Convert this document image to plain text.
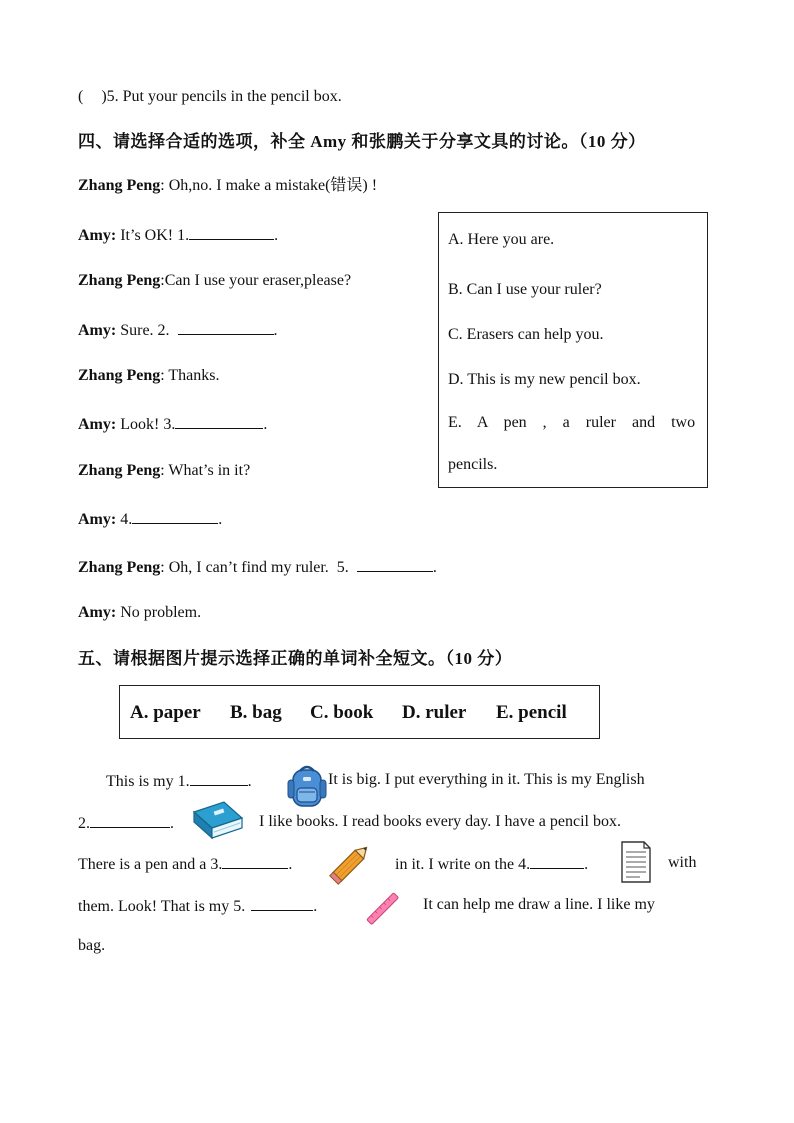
( )5. Put your pencils in the pencil box.
四、请选择合适的选项，补全 Amy 和张鹏关于分享文具的讨论。（10 分）
Zhang Peng: Oh,no. I make a mistake(错误) !
Amy: It’s OK! 1.	.
Zhang Peng:Can I use your eraser,please?
Amy: Sure. 2.	.
Zhang Peng: Thanks.
Amy: Look! 3.	.
Zhang Peng: What’s in it?
Amy: 4.	.
Zhang Peng: Oh, I can’t find my ruler.  5.	.
Amy: No problem.
A. Here you are.
B. Can I use your ruler?
C. Erasers can help you.
D. This is my new pencil box.
E.    A    pen    ,    a    ruler    and    two
pencils.
五、请根据图片提示选择正确的单词补全短文。（10 分）
A. paper B. bag C. book D. ruler E. pencil
This is my 1.	.	It is big. I put everything in it. This is my English
2.	.	I like books. I read books every day. I have a pencil box.
There is a pen and a 3.	.	in it. I write on the 4.	.	with
them. Look! That is my 5.	.	It can help me draw a line. I like my
bag.
